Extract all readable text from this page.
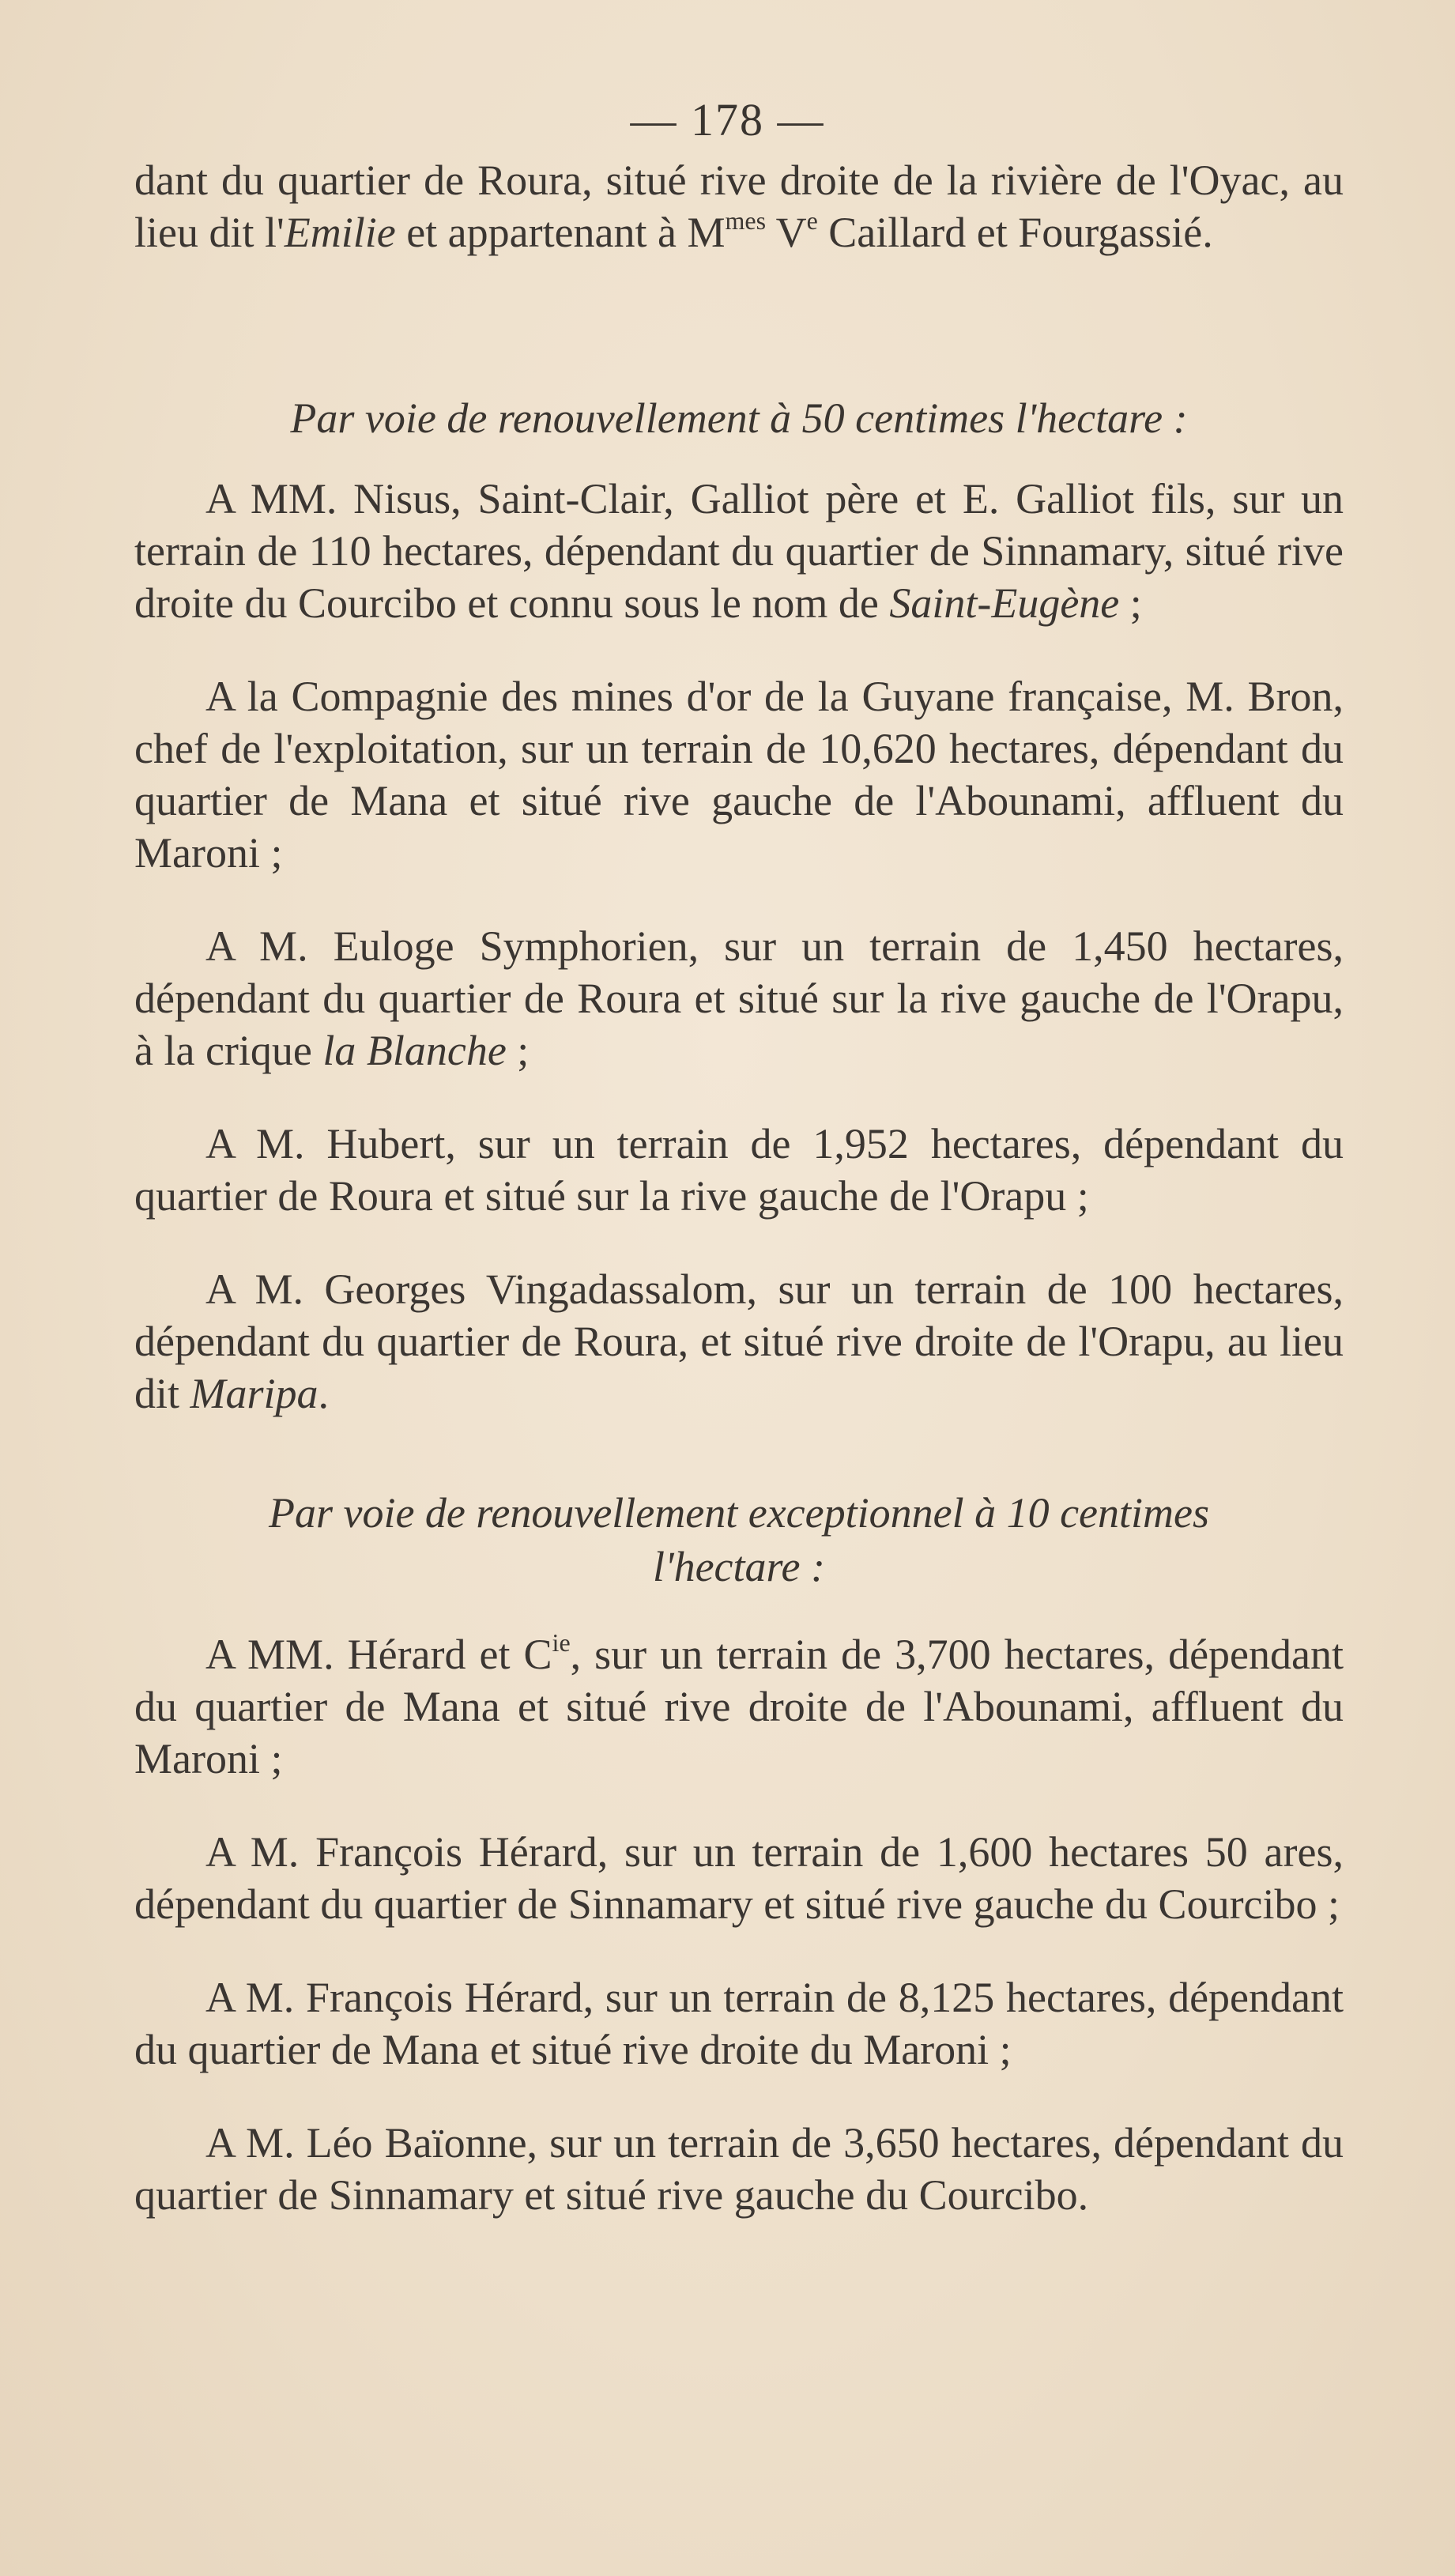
— 178 —

dant du quartier de Roura, situé rive droite de la rivière de l'Oyac, au lieu dit l'Emilie et appartenant à $M^{mes}$ Ve Caillard et Fourgassié.

Par voie de renouvellement à 50 centimes l'hectare :

A MM. Nisus, Saint-Clair, Galliot père et E. Galliot fils, sur un terrain de 110 hectares, dépendant du quartier de Sinnamary, situé rive droite du Courcibo et connu sous le nom de Saint-Eugène ;

A la Compagnie des mines d'or de la Guyane française, M. Bron, chef de l'exploitation, sur un terrain de 10,620 hectares, dépendant du quartier de Mana et situé rive gauche de l'Abounami, affluent du Maroni ;

A M. Euloge Symphorien, sur un terrain de 1,450 hectares, dépendant du quartier de Roura et situé sur la rive gauche de l'Orapu, à la crique la Blanche ;

A M. Hubert, sur un terrain de 1,952 hectares, dépendant du quartier de Roura et situé sur la rive gauche de l'Orapu ;

A M. Georges Vingadassalom, sur un terrain de 100 hectares, dépendant du quartier de Roura, et situé rive droite de l'Orapu, au lieu dit Maripa.

Par voie de renouvellement exceptionnel à 10 centimes
l'hectare :

A MM. Hérard et $C^{ie}$, sur un terrain de 3,700 hectares, dépendant du quartier de Mana et situé rive droite de l'Abounami, affluent du Maroni ;

A M. François Hérard, sur un terrain de 1,600 hectares 50 ares, dépendant du quartier de Sinnamary et situé rive gauche du Courcibo ;

A M. François Hérard, sur un terrain de 8,125 hectares, dépendant du quartier de Mana et situé rive droite du Maroni ;

A M. Léo Baïonne, sur un terrain de 3,650 hectares, dépendant du quartier de Sinnamary et situé rive gauche du Courcibo.
